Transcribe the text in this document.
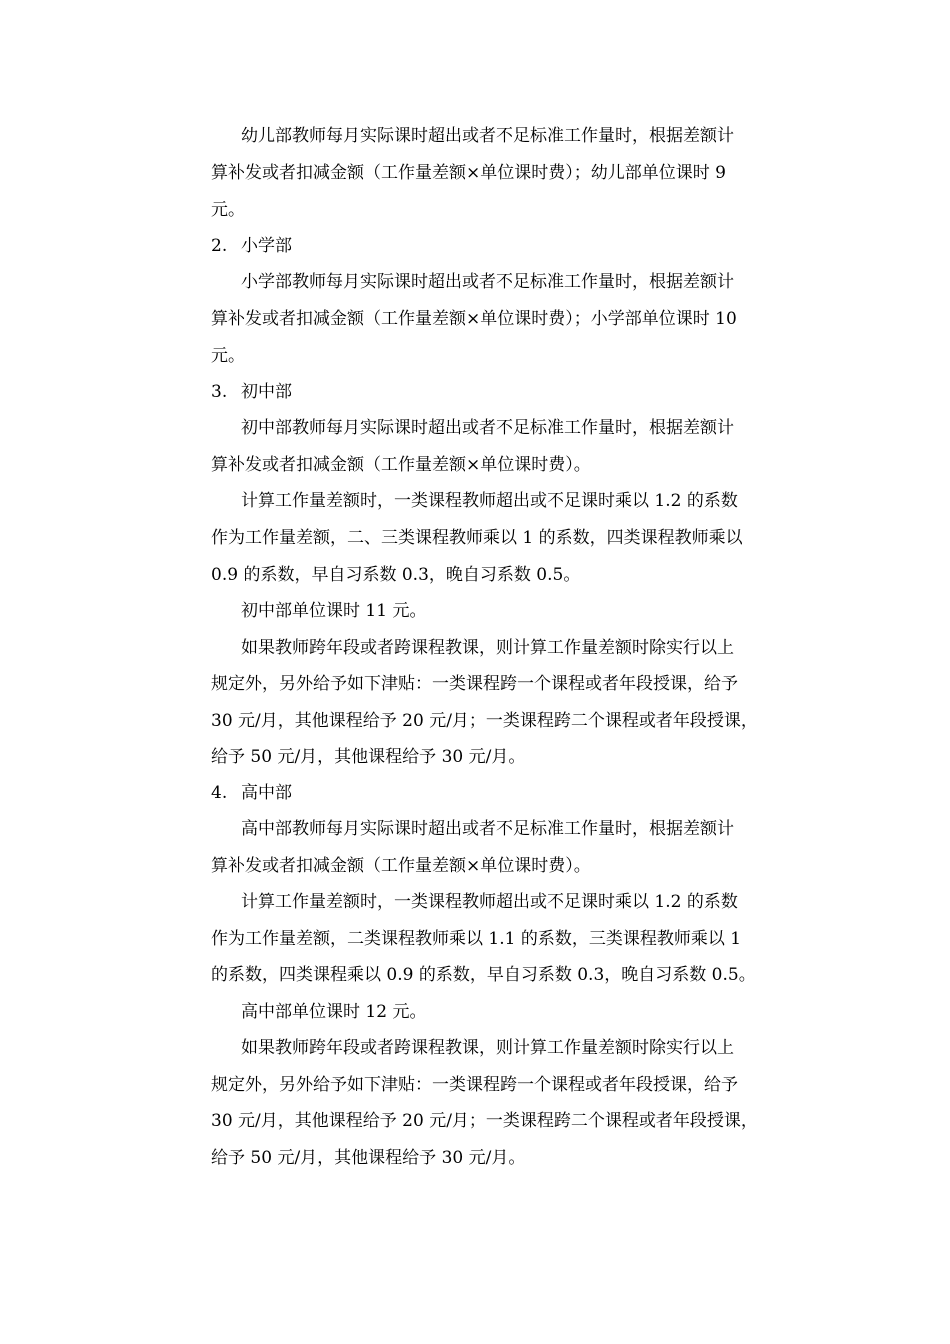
幼儿部教师每月实际课时超出或者不足标准工作量时，根据差额计
算补发或者扣减金额（工作量差额×单位课时费）；幼儿部单位课时 9
元。
2. 小学部
小学部教师每月实际课时超出或者不足标准工作量时，根据差额计
算补发或者扣减金额（工作量差额×单位课时费）；小学部单位课时 10
元。
3. 初中部
初中部教师每月实际课时超出或者不足标准工作量时，根据差额计
算补发或者扣减金额（工作量差额×单位课时费）。
计算工作量差额时，一类课程教师超出或不足课时乘以 1.2 的系数
作为工作量差额，二、三类课程教师乘以 1 的系数，四类课程教师乘以
0.9 的系数，早自习系数 0.3，晚自习系数 0.5。
初中部单位课时 11 元。
如果教师跨年段或者跨课程教课，则计算工作量差额时除实行以上
规定外，另外给予如下津贴：一类课程跨一个课程或者年段授课，给予
30 元/月，其他课程给予 20 元/月；一类课程跨二个课程或者年段授课，
给予 50 元/月，其他课程给予 30 元/月。
4. 高中部
高中部教师每月实际课时超出或者不足标准工作量时，根据差额计
算补发或者扣减金额（工作量差额×单位课时费）。
计算工作量差额时，一类课程教师超出或不足课时乘以 1.2 的系数
作为工作量差额，二类课程教师乘以 1.1 的系数，三类课程教师乘以 1
的系数，四类课程乘以 0.9 的系数，早自习系数 0.3，晚自习系数 0.5。
高中部单位课时 12 元。
如果教师跨年段或者跨课程教课，则计算工作量差额时除实行以上
规定外，另外给予如下津贴：一类课程跨一个课程或者年段授课，给予
30 元/月，其他课程给予 20 元/月；一类课程跨二个课程或者年段授课，
给予 50 元/月，其他课程给予 30 元/月。
